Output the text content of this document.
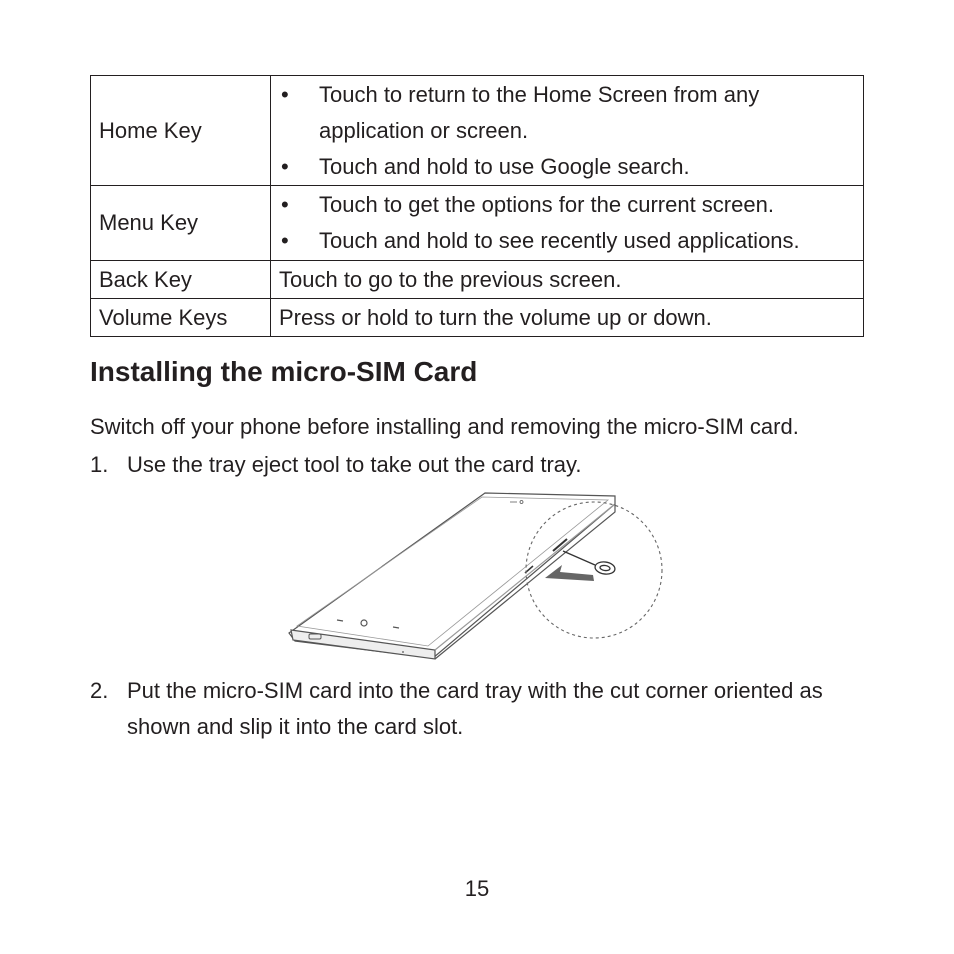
Home Key	• Touch to return to the Home Screen from any
application or screen.
• Touch and hold to use Google search.

Menu Key	• Touch to get the options for the current screen.
• Touch and hold to see recently used applications.

Back Key	Touch to go to the previous screen.
Volume Keys	Press or hold to turn the volume up or down.
Installing the micro-SIM Card
Switch off your phone before installing and removing the micro-SIM card.
1. Use the tray eject tool to take out the card tray.
2. Put the micro-SIM card into the card tray with the cut corner oriented as shown and slip it into the card slot.
15
